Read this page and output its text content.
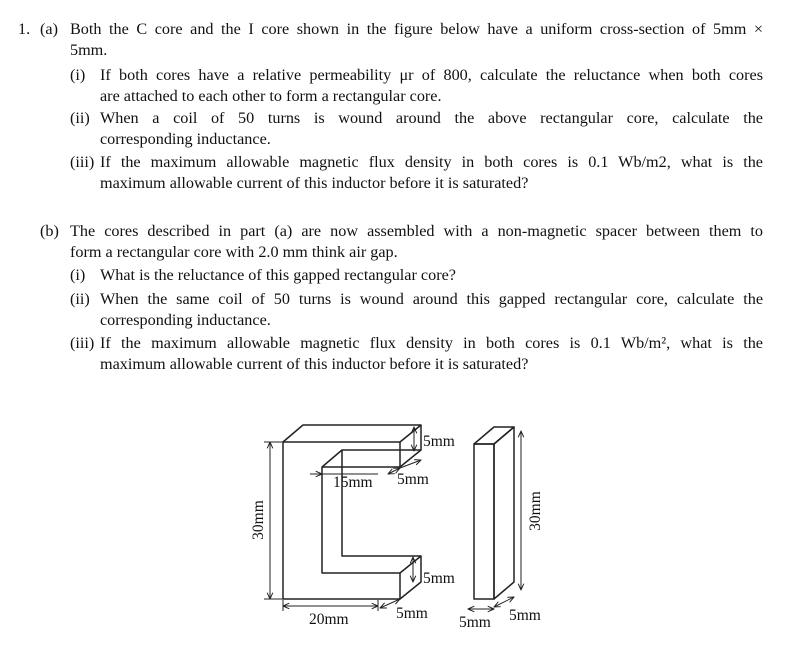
1. (a) Both the C core and the I core shown in the figure below have a uniform cross-section of 5mm ×
5mm.
(i) If both cores have a relative permeability μr of 800, calculate the reluctance when both cores
are attached to each other to form a rectangular core.
(ii) When a coil of 50 turns is wound around the above rectangular core, calculate the
corresponding inductance.
(iii) If the maximum allowable magnetic flux density in both cores is 0.1 Wb/m2, what is the
maximum allowable current of this inductor before it is saturated?
(b) The cores described in part (a) are now assembled with a non-magnetic spacer between them to
form a rectangular core with 2.0 mm think air gap.
(i) What is the reluctance of this gapped rectangular core?
(ii) When the same coil of 50 turns is wound around this gapped rectangular core, calculate the
corresponding inductance.
(iii) If the maximum allowable magnetic flux density in both cores is 0.1 Wb/m², what is the
maximum allowable current of this inductor before it is saturated?
30mm
15mm
5mm
5mm
5mm
20mm	5mm
30mm
5mm 5mm
